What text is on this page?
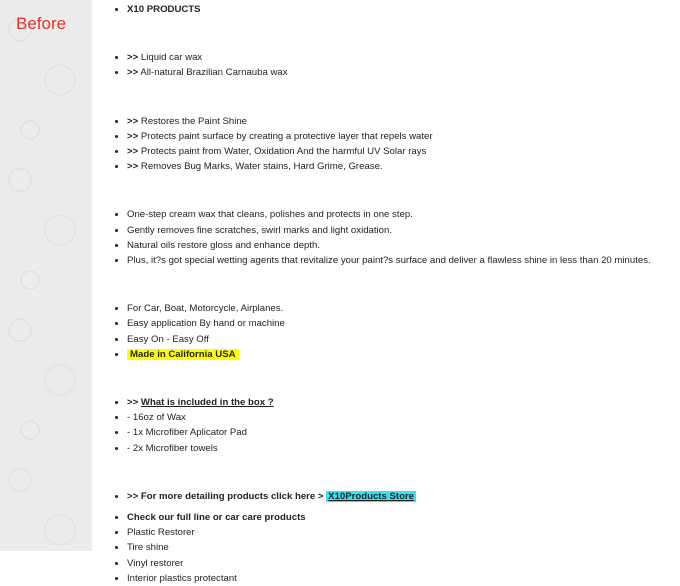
Before
• X10 PRODUCTS
• >> Liquid car wax
• >> All-natural Brazilian Carnauba wax
• >> Restores the Paint Shine
• >> Protects paint surface by creating a protective layer that repels water
• >> Protects paint from Water, Oxidation And the harmful UV Solar rays
• >> Removes Bug Marks, Water stains, Hard Grime, Grease.
• One-step cream wax that cleans, polishes and protects in one step.
• Gently removes fine scratches, swirl marks and light oxidation.
• Natural oils restore gloss and enhance depth.
• Plus, it?s got special wetting agents that revitalize your paint?s surface and deliver a flawless shine in less than 20 minutes.
• For Car, Boat, Motorcycle, Airplanes.
• Easy application By hand or machine
• Easy On - Easy Off
• Made in California USA
• >> What is included in the box ?
• - 16oz of Wax
• - 1x Microfiber Aplicator Pad
• - 2x Microfiber towels
• >> For more detailing products click here > X10Products Store
• Check our full line or car care products
• Plastic Restorer
• Tire shine
• Vinyl restorer
• Interior plastics protectant
